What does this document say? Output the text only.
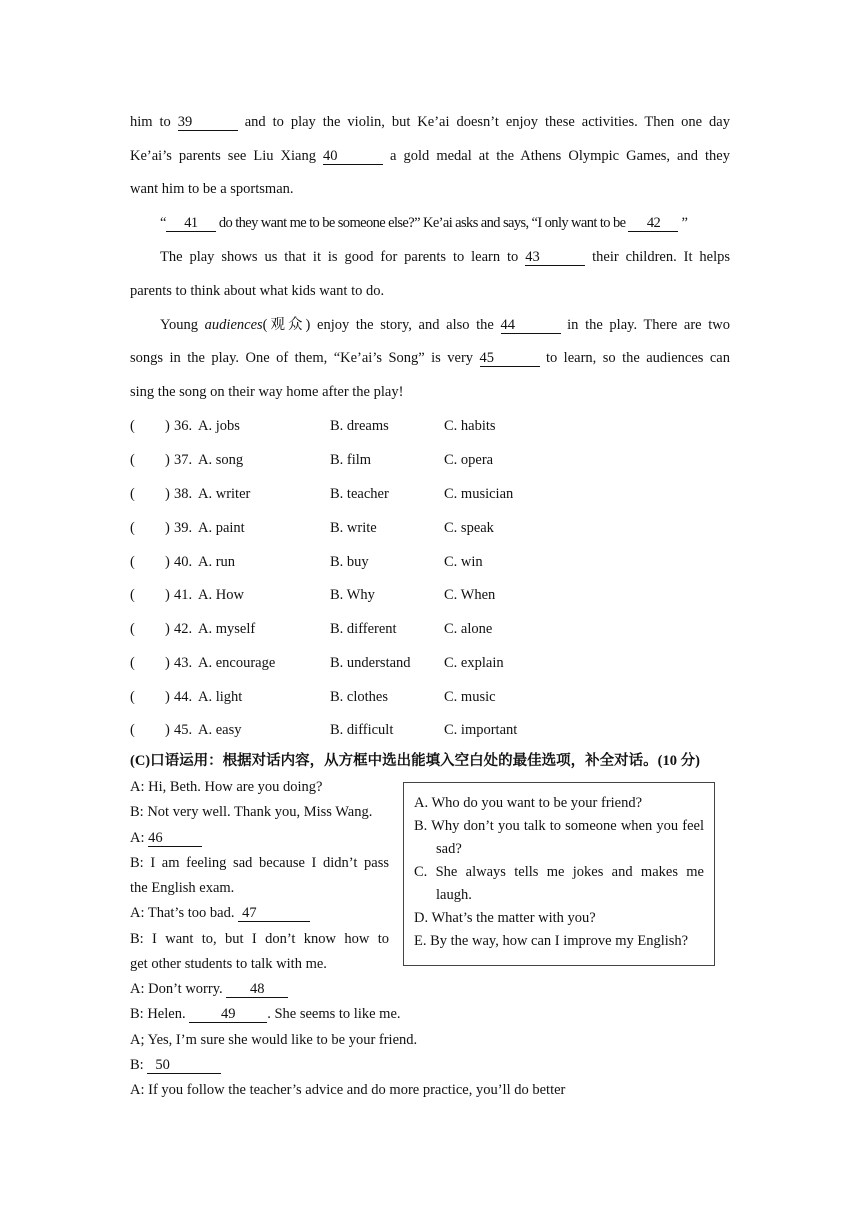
him to 39	and to play the violin, but Ke’ai doesn’t enjoy these activities. Then one day
Ke’ai’s parents see Liu Xiang 40	a gold medal at the Athens Olympic Games, and they
want him to be a sportsman.
“ 41 do they want me to be someone else?” Ke’ai asks and says, “I only want to be 42 ”
The play shows us that it is good for parents to learn to 43	their children. It helps
parents to think about what kids want to do.
Young audiences(观众) enjoy the story, and also the 44	in the play. There are two
songs in the play. One of them, “Ke’ai’s Song” is very 45	to learn, so the audiences can
sing the song on their way home after the play!
( ) 36. A. jobs	B. dreams	C. habits
( ) 37. A. song	B. film	C. opera
( ) 38. A. writer	B. teacher	C. musician
( ) 39. A. paint	B. write	C. speak
( ) 40. A. run	B. buy	C. win
( ) 41. A. How	B. Why	C. When
( ) 42. A. myself	B. different	C. alone
( ) 43. A. encourage	B. understand C. explain
( ) 44. A. light	B. clothes	C. music
( ) 45. A. easy	B. difficult	C. important
(C)口语运用：根据对话内容，从方框中选出能填入空白处的最佳选项，补全对话。(10 分)
A. Who do you want to be your friend?
B. Why don’t you talk to someone when you feel sad?
C. She always tells me jokes and makes me laugh.
D. What’s the matter with you?
E. By the way, how can I improve my English?
A: Hi, Beth. How are you doing?
B: Not very well. Thank you, Miss Wang.
A: 46
B: I am feeling sad because I didn’t pass
the English exam.
A: That’s too bad. 47
B: I want to, but I don’t know how to
get other students to talk with me.
A: Don’t worry. 48
B: Helen. 49 . She seems to like me.
A; Yes, I’m sure she would like to be your friend.
B: 50
A: If you follow the teacher’s advice and do more practice, you’ll do better
